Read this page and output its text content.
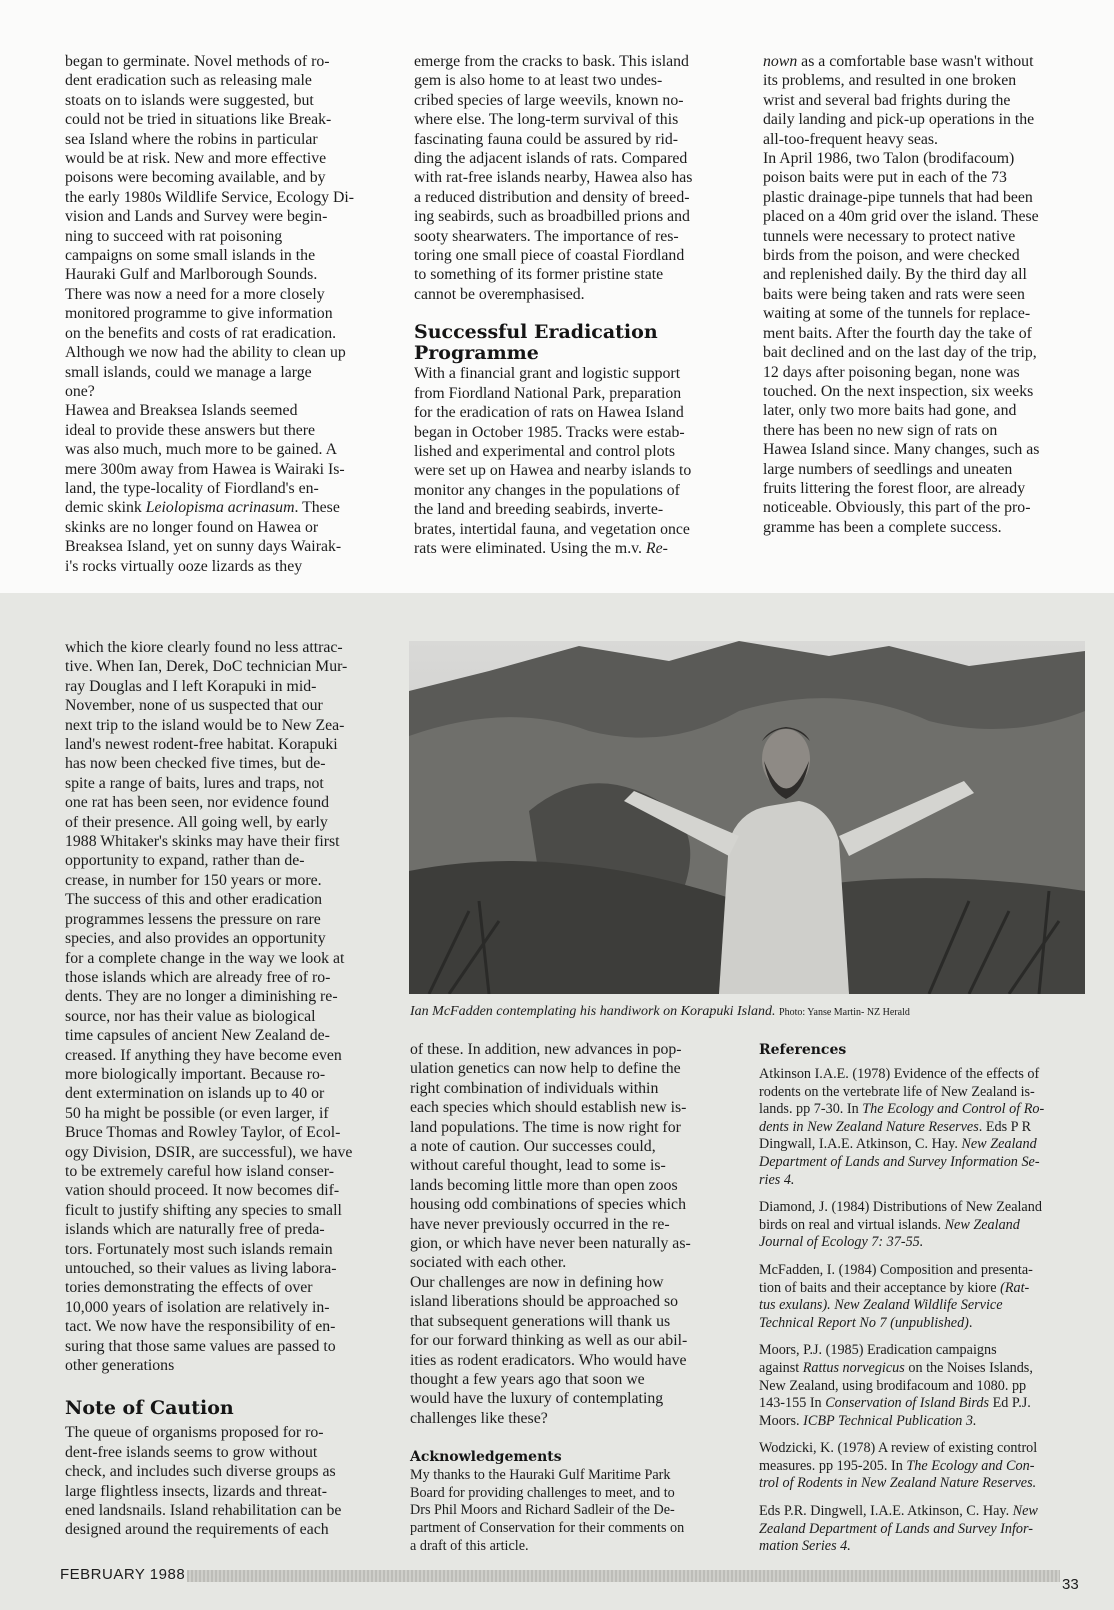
began to germinate. Novel methods of ro-
dent eradication such as releasing male
stoats on to islands were suggested, but
could not be tried in situations like Break-
sea Island where the robins in particular
would be at risk. New and more effective
poisons were becoming available, and by
the early 1980s Wildlife Service, Ecology Di-
vision and Lands and Survey were begin-
ning to succeed with rat poisoning
campaigns on some small islands in the
Hauraki Gulf and Marlborough Sounds.
There was now a need for a more closely
monitored programme to give information
on the benefits and costs of rat eradication.
Although we now had the ability to clean up
small islands, could we manage a large
one?

Hawea and Breaksea Islands seemed
ideal to provide these answers but there
was also much, much more to be gained. A
mere 300m away from Hawea is Wairaki Is-
land, the type-locality of Fiordland's en-
demic skink Leiolopisma acrinasum. These
skinks are no longer found on Hawea or
Breaksea Island, yet on sunny days Wairak-
i's rocks virtually ooze lizards as they

emerge from the cracks to bask. This island
gem is also home to at least two undes-
cribed species of large weevils, known no-
where else. The long-term survival of this
fascinating fauna could be assured by rid-
ding the adjacent islands of rats. Compared
with rat-free islands nearby, Hawea also has
a reduced distribution and density of breed-
ing seabirds, such as broadbilled prions and
sooty shearwaters. The importance of res-
toring one small piece of coastal Fiordland
to something of its former pristine state
cannot be overemphasised.

Successful Eradication
Programme

With a financial grant and logistic support
from Fiordland National Park, preparation
for the eradication of rats on Hawea Island
began in October 1985. Tracks were estab-
lished and experimental and control plots
were set up on Hawea and nearby islands to
monitor any changes in the populations of
the land and breeding seabirds, inverte-
brates, intertidal fauna, and vegetation once
rats were eliminated. Using the m.v. Re-

nown as a comfortable base wasn't without
its problems, and resulted in one broken
wrist and several bad frights during the
daily landing and pick-up operations in the
all-too-frequent heavy seas.

In April 1986, two Talon (brodifacoum)
poison baits were put in each of the 73
plastic drainage-pipe tunnels that had been
placed on a 40m grid over the island. These
tunnels were necessary to protect native
birds from the poison, and were checked
and replenished daily. By the third day all
baits were being taken and rats were seen
waiting at some of the tunnels for replace-
ment baits. After the fourth day the take of
bait declined and on the last day of the trip,
12 days after poisoning began, none was
touched. On the next inspection, six weeks
later, only two more baits had gone, and
there has been no new sign of rats on
Hawea Island since. Many changes, such as
large numbers of seedlings and uneaten
fruits littering the forest floor, are already
noticeable. Obviously, this part of the pro-
gramme has been a complete success.

which the kiore clearly found no less attrac-
tive. When Ian, Derek, DoC technician Mur-
ray Douglas and I left Korapuki in mid-
November, none of us suspected that our
next trip to the island would be to New Zea-
land's newest rodent-free habitat. Korapuki
has now been checked five times, but de-
spite a range of baits, lures and traps, not
one rat has been seen, nor evidence found
of their presence. All going well, by early
1988 Whitaker's skinks may have their first
opportunity to expand, rather than de-
crease, in number for 150 years or more.

The success of this and other eradication
programmes lessens the pressure on rare
species, and also provides an opportunity
for a complete change in the way we look at
those islands which are already free of ro-
dents. They are no longer a diminishing re-
source, nor has their value as biological
time capsules of ancient New Zealand de-
creased. If anything they have become even
more biologically important. Because ro-
dent extermination on islands up to 40 or
50 ha might be possible (or even larger, if
Bruce Thomas and Rowley Taylor, of Ecol-
ogy Division, DSIR, are successful), we have
to be extremely careful how island conser-
vation should proceed. It now becomes dif-
ficult to justify shifting any species to small
islands which are naturally free of preda-
tors. Fortunately most such islands remain
untouched, so their values as living labora-
tories demonstrating the effects of over
10,000 years of isolation are relatively in-
tact. We now have the responsibility of en-
suring that those same values are passed to
other generations

Note of Caution

The queue of organisms proposed for ro-
dent-free islands seems to grow without
check, and includes such diverse groups as
large flightless insects, lizards and threat-
ened landsnails. Island rehabilitation can be
designed around the requirements of each

Ian McFadden contemplating his handiwork on Korapuki Island. Photo: Yanse Martin- NZ Herald

of these. In addition, new advances in pop-
ulation genetics can now help to define the
right combination of individuals within
each species which should establish new is-
land populations. The time is now right for
a note of caution. Our successes could,
without careful thought, lead to some is-
lands becoming little more than open zoos
housing odd combinations of species which
have never previously occurred in the re-
gion, or which have never been naturally as-
sociated with each other.

Our challenges are now in defining how
island liberations should be approached so
that subsequent generations will thank us
for our forward thinking as well as our abil-
ities as rodent eradicators. Who would have
thought a few years ago that soon we
would have the luxury of contemplating
challenges like these?

Acknowledgements

My thanks to the Hauraki Gulf Maritime Park
Board for providing challenges to meet, and to
Drs Phil Moors and Richard Sadleir of the De-
partment of Conservation for their comments on
a draft of this article.

References

Atkinson I.A.E. (1978) Evidence of the effects of
rodents on the vertebrate life of New Zealand is-
lands. pp 7-30. In The Ecology and Control of Ro-
dents in New Zealand Nature Reserves. Eds P R
Dingwall, I.A.E. Atkinson, C. Hay. New Zealand
Department of Lands and Survey Information Se-
ries 4.

Diamond, J. (1984) Distributions of New Zealand
birds on real and virtual islands. New Zealand
Journal of Ecology 7: 37-55.

McFadden, I. (1984) Composition and presenta-
tion of baits and their acceptance by kiore (Rat-
tus exulans). New Zealand Wildlife Service
Technical Report No 7 (unpublished).

Moors, P.J. (1985) Eradication campaigns
against Rattus norvegicus on the Noises Islands,
New Zealand, using brodifacoum and 1080. pp
143-155 In Conservation of Island Birds Ed P.J.
Moors. ICBP Technical Publication 3.

Wodzicki, K. (1978) A review of existing control
measures. pp 195-205. In The Ecology and Con-
trol of Rodents in New Zealand Nature Reserves.

Eds P.R. Dingwell, I.A.E. Atkinson, C. Hay. New
Zealand Department of Lands and Survey Infor-
mation Series 4.

FEBRUARY 1988
33
